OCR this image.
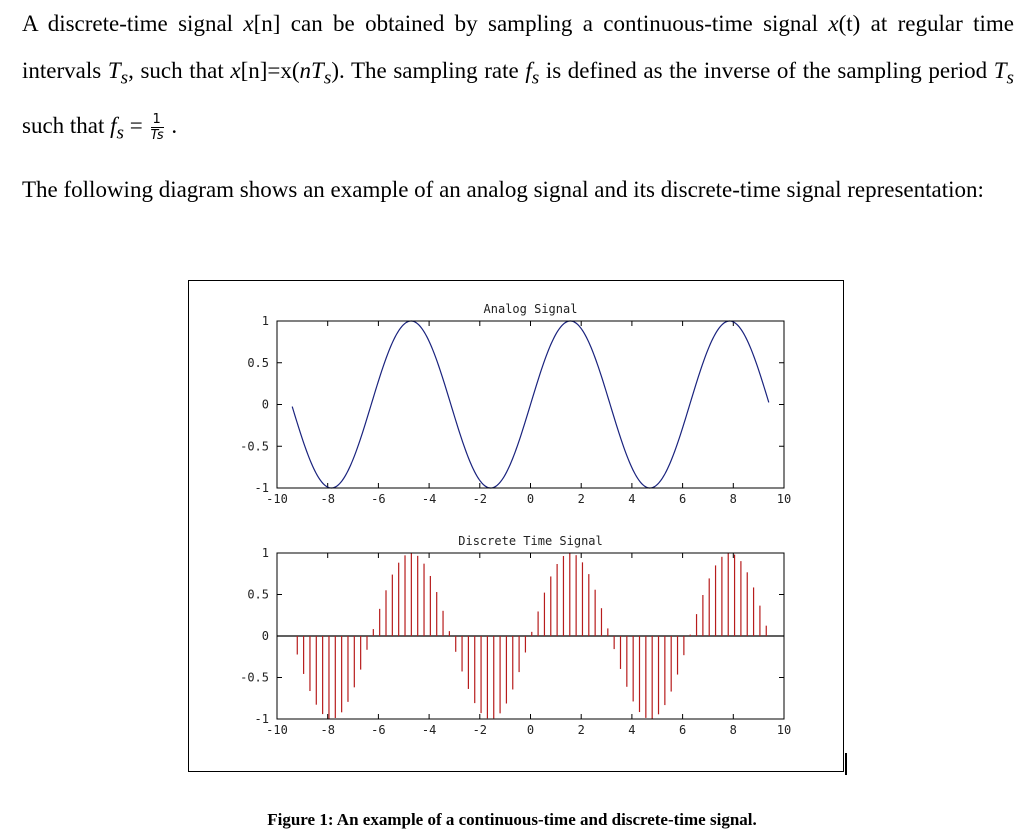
A discrete-time signal x[n] can be obtained by sampling a continuous-time signal x(t) at regular time intervals $T_s$, such that $x[n]=x(nT_s)$. The sampling rate $f_s$ is defined as the inverse of the sampling period $T_s$ such that $f_s = \frac{1}{Ts}$ .

The following diagram shows an example of an analog signal and its discrete-time signal representation:

Analog Signal
-10	-8	-6	-4	-2	0	2	4	6	8	10
1
0.5
0
-0.5
-1
Discrete Time Signal
-10	-8	-6	-4	-2	0	2	4	6	8	10
1
0.5
0
-0.5
-1

Figure 1: An example of a continuous-time and discrete-time signal.
